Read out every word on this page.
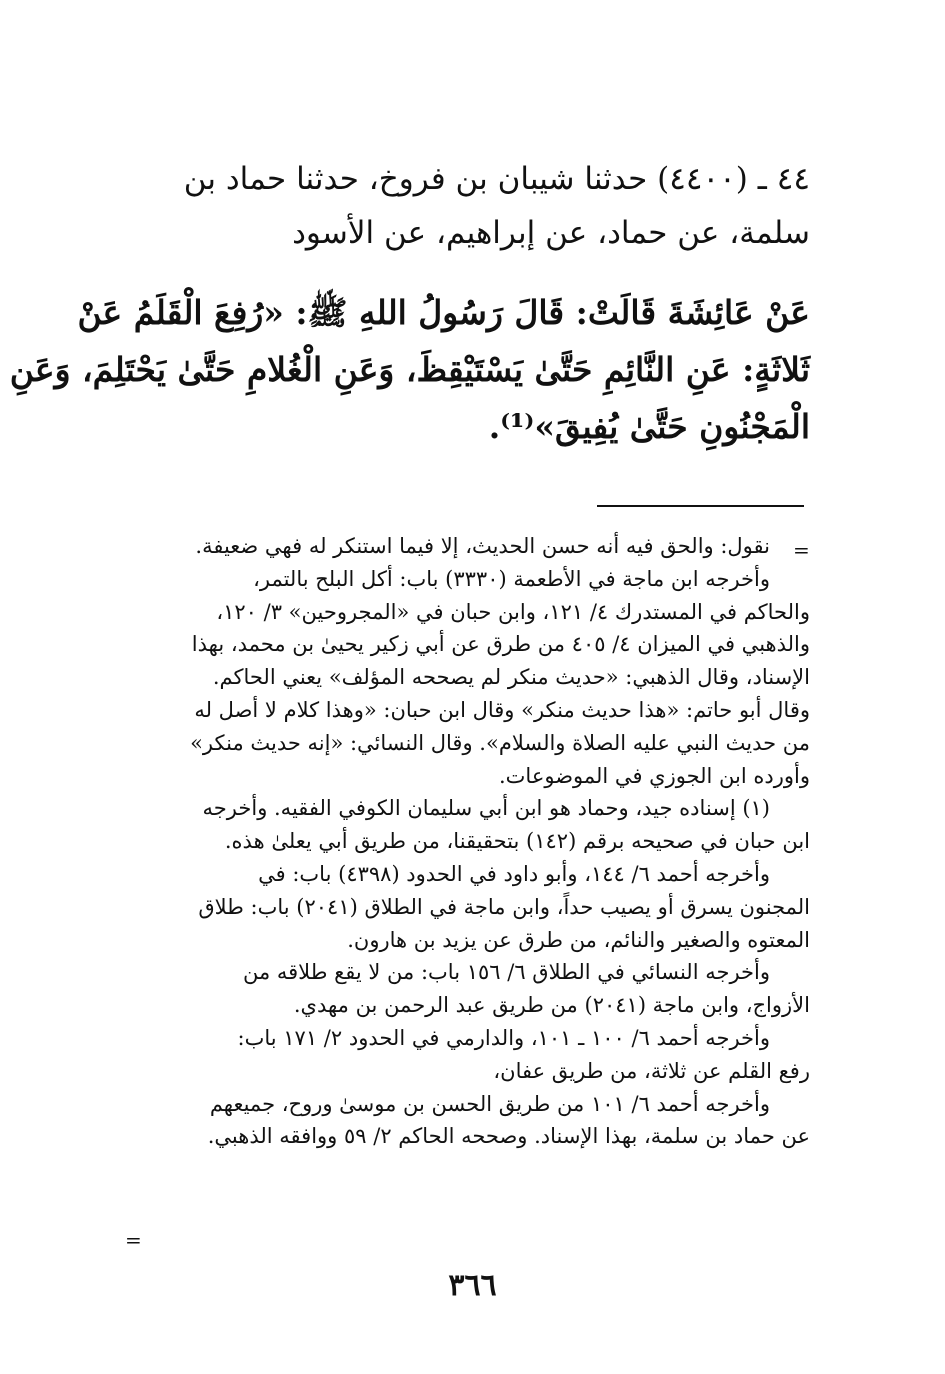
٤٤ ـ (٤٤٠٠) حدثنا شيبان بن فروخ، حدثنا حماد بن
سلمة، عن حماد، عن إبراهيم، عن الأسود
عَنْ عَائِشَةَ قَالَتْ: قَالَ رَسُولُ اللهِ ﷺ: «رُفِعَ الْقَلَمُ عَنْ
ثَلاثَةٍ: عَنِ النَّائِمِ حَتَّىٰ يَسْتَيْقِظَ، وَعَنِ الْغُلامِ حَتَّىٰ يَحْتَلِمَ، وَعَنِ
الْمَجْنُونِ حَتَّىٰ يُفِيقَ»⁽¹⁾.
=
نقول: والحق فيه أنه حسن الحديث، إلا فيما استنكر له فهي ضعيفة.
وأخرجه ابن ماجة في الأطعمة (٣٣٣٠) باب: أكل البلح بالتمر،
والحاكم في المستدرك ٤/ ١٢١، وابن حبان في «المجروحين» ٣/ ١٢٠،
والذهبي في الميزان ٤/ ٤٠٥ من طرق عن أبي زكير يحيىٰ بن محمد، بهذا
الإسناد، وقال الذهبي: «حديث منكر لم يصححه المؤلف» يعني الحاكم.
وقال أبو حاتم: «هذا حديث منكر» وقال ابن حبان: «وهذا كلام لا أصل له
من حديث النبي عليه الصلاة والسلام». وقال النسائي: «إنه حديث منكر»
وأورده ابن الجوزي في الموضوعات.
(١) إسناده جيد، وحماد هو ابن أبي سليمان الكوفي الفقيه. وأخرجه
ابن حبان في صحيحه برقم (١٤٢) بتحقيقنا، من طريق أبي يعلىٰ هذه.
وأخرجه أحمد ٦/ ١٤٤، وأبو داود في الحدود (٤٣٩٨) باب: في
المجنون يسرق أو يصيب حداً، وابن ماجة في الطلاق (٢٠٤١) باب: طلاق
المعتوه والصغير والنائم، من طرق عن يزيد بن هارون.
وأخرجه النسائي في الطلاق ٦/ ١٥٦ باب: من لا يقع طلاقه من
الأزواج، وابن ماجة (٢٠٤١) من طريق عبد الرحمن بن مهدي.
وأخرجه أحمد ٦/ ١٠٠ ـ ١٠١، والدارمي في الحدود ٢/ ١٧١ باب:
رفع القلم عن ثلاثة، من طريق عفان،
وأخرجه أحمد ٦/ ١٠١ من طريق الحسن بن موسىٰ وروح، جميعهم
عن حماد بن سلمة، بهذا الإسناد. وصححه الحاكم ٢/ ٥٩ ووافقه الذهبي.
=
٣٦٦
